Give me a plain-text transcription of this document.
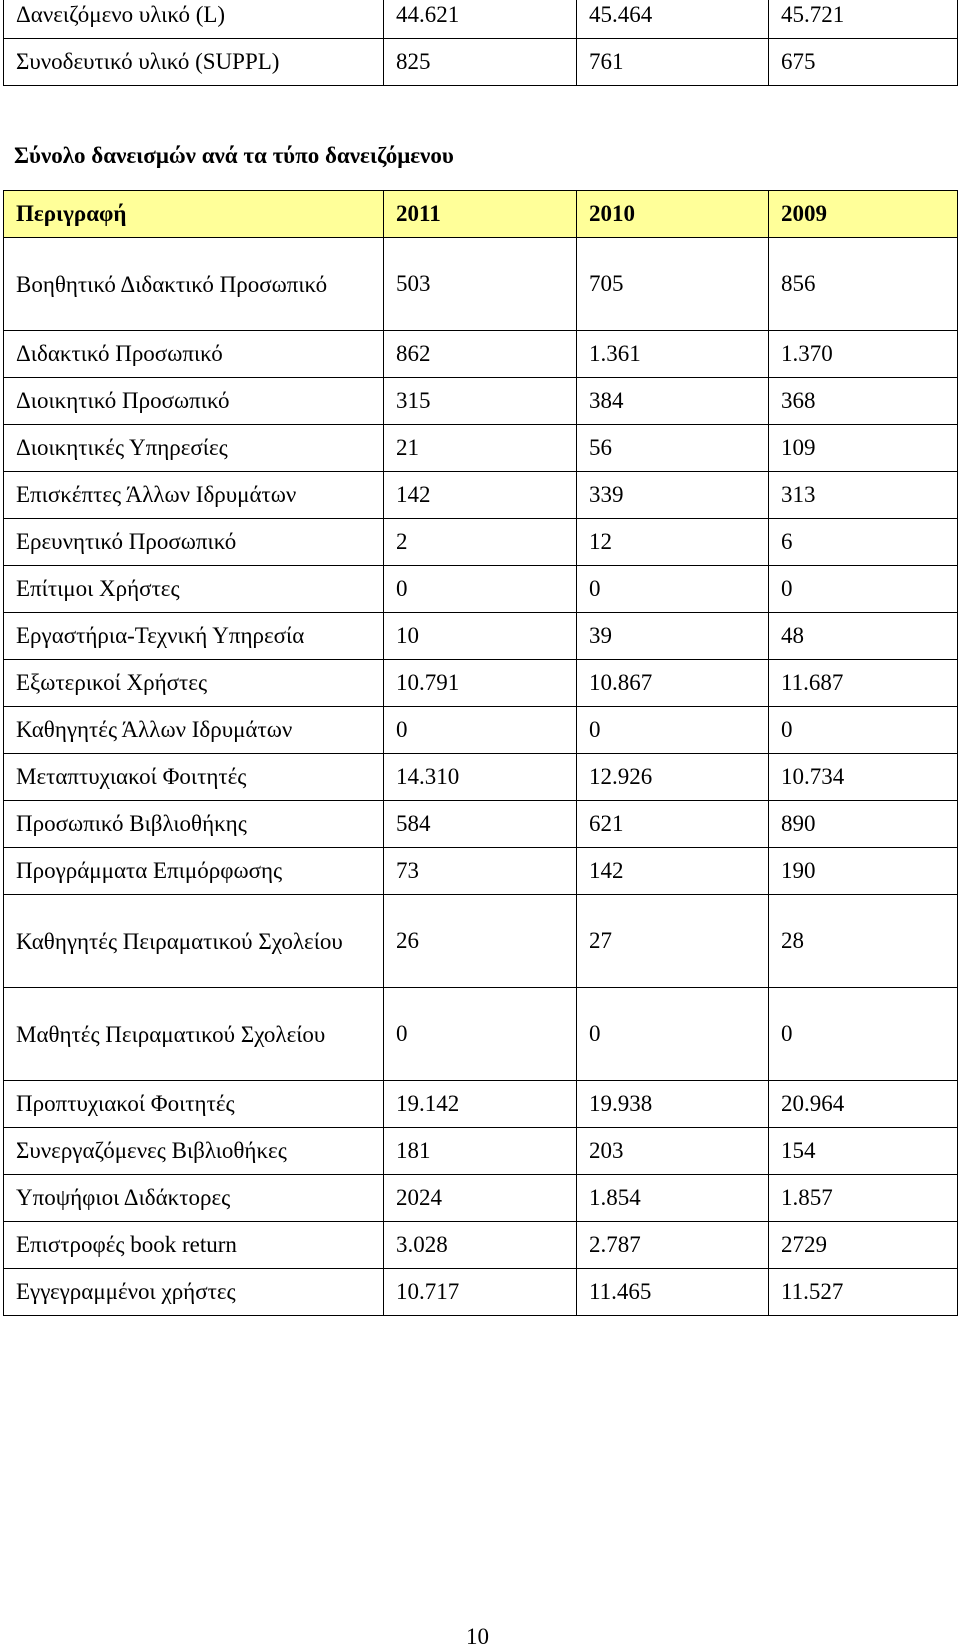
Δανειζόμενο υλικό (L)	44.621	45.464	45.721
Συνοδευτικό υλικό (SUPPL)	825	761	675
Σύνολο δανεισμών ανά τα τύπο δανειζόμενου
Περιγραφή	2011	2010	2009
Βοηθητικό Διδακτικό Προσωπικό	503	705	856
Διδακτικό Προσωπικό	862	1.361	1.370
Διοικητικό Προσωπικό	315	384	368
Διοικητικές Υπηρεσίες	21	56	109
Επισκέπτες Άλλων Ιδρυμάτων	142	339	313
Ερευνητικό Προσωπικό	2	12	6
Επίτιμοι Χρήστες	0	0	0
Εργαστήρια-Τεχνική Υπηρεσία	10	39	48
Εξωτερικοί Χρήστες	10.791	10.867	11.687
Καθηγητές Άλλων Ιδρυμάτων	0	0	0
Μεταπτυχιακοί Φοιτητές	14.310	12.926	10.734
Προσωπικό Βιβλιοθήκης	584	621	890
Προγράμματα Επιμόρφωσης	73	142	190
Καθηγητές Πειραματικού Σχολείου	26	27	28
Μαθητές Πειραματικού Σχολείου	0	0	0
Προπτυχιακοί Φοιτητές	19.142	19.938	20.964
Συνεργαζόμενες Βιβλιοθήκες	181	203	154
Υποψήφιοι Διδάκτορες	2024	1.854	1.857
Επιστροφές book return	3.028	2.787	2729
Εγγεγραμμένοι χρήστες	10.717	11.465	11.527
10
